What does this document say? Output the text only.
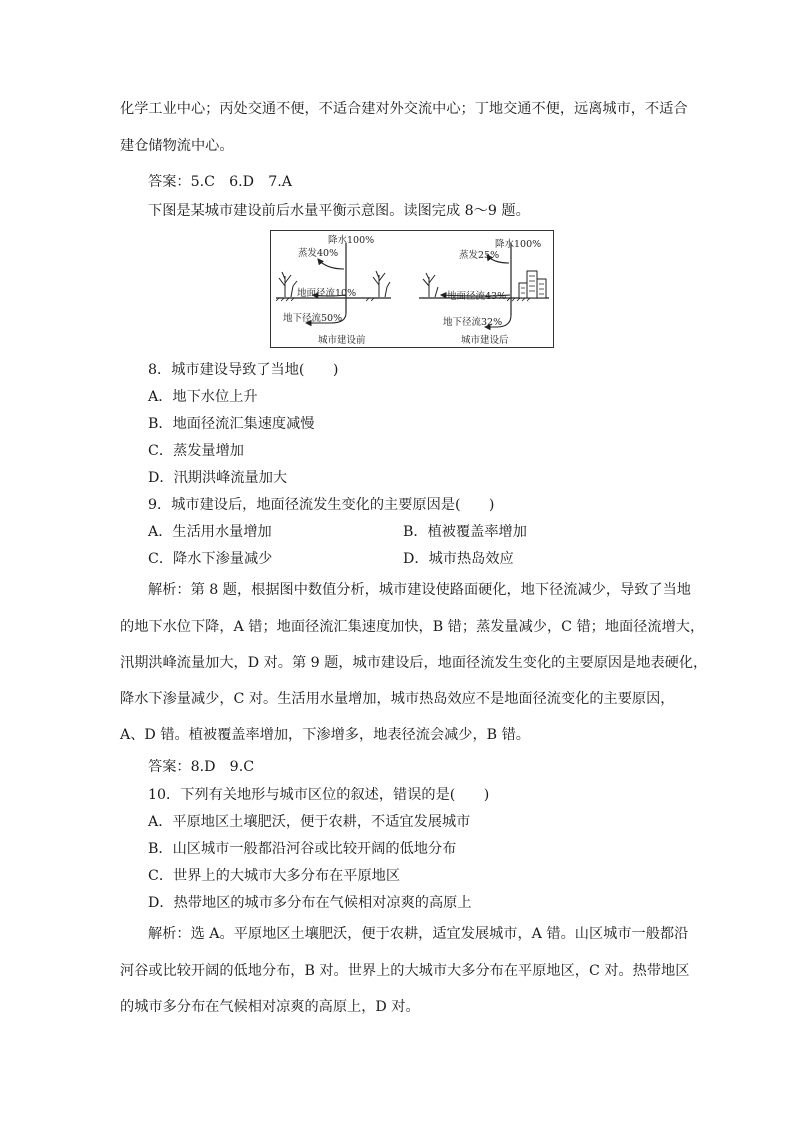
化学工业中心；丙处交通不便，不适合建对外交流中心；丁地交通不便，远离城市，不适合
建仓储物流中心。
答案：5.C　6.D　7.A
下图是某城市建设前后水量平衡示意图。读图完成 8～9 题。
降水100%
蒸发40%
地面径流10%
地下径流50%
城市建设前
降水100%
蒸发25%
地面径流43%
地下径流32%
城市建设后
8．城市建设导致了当地(　　)
A．地下水位上升
B．地面径流汇集速度减慢
C．蒸发量增加
D．汛期洪峰流量加大
9．城市建设后，地面径流发生变化的主要原因是(　　)
A．生活用水量增加	B．植被覆盖率增加
C．降水下渗量减少	D．城市热岛效应
解析：第 8 题，根据图中数值分析，城市建设使路面硬化，地下径流减少，导致了当地
的地下水位下降，A 错；地面径流汇集速度加快，B 错；蒸发量减少，C 错；地面径流增大，
汛期洪峰流量加大，D 对。第 9 题，城市建设后，地面径流发生变化的主要原因是地表硬化，
降水下渗量减少，C 对。生活用水量增加，城市热岛效应不是地面径流变化的主要原因，
A、D 错。植被覆盖率增加，下渗增多，地表径流会减少，B 错。
答案：8.D　9.C
10．下列有关地形与城市区位的叙述，错误的是(　　)
A．平原地区土壤肥沃，便于农耕，不适宜发展城市
B．山区城市一般都沿河谷或比较开阔的低地分布
C．世界上的大城市大多分布在平原地区
D．热带地区的城市多分布在气候相对凉爽的高原上
解析：选 A。平原地区土壤肥沃，便于农耕，适宜发展城市，A 错。山区城市一般都沿
河谷或比较开阔的低地分布，B 对。世界上的大城市大多分布在平原地区，C 对。热带地区
的城市多分布在气候相对凉爽的高原上，D 对。
